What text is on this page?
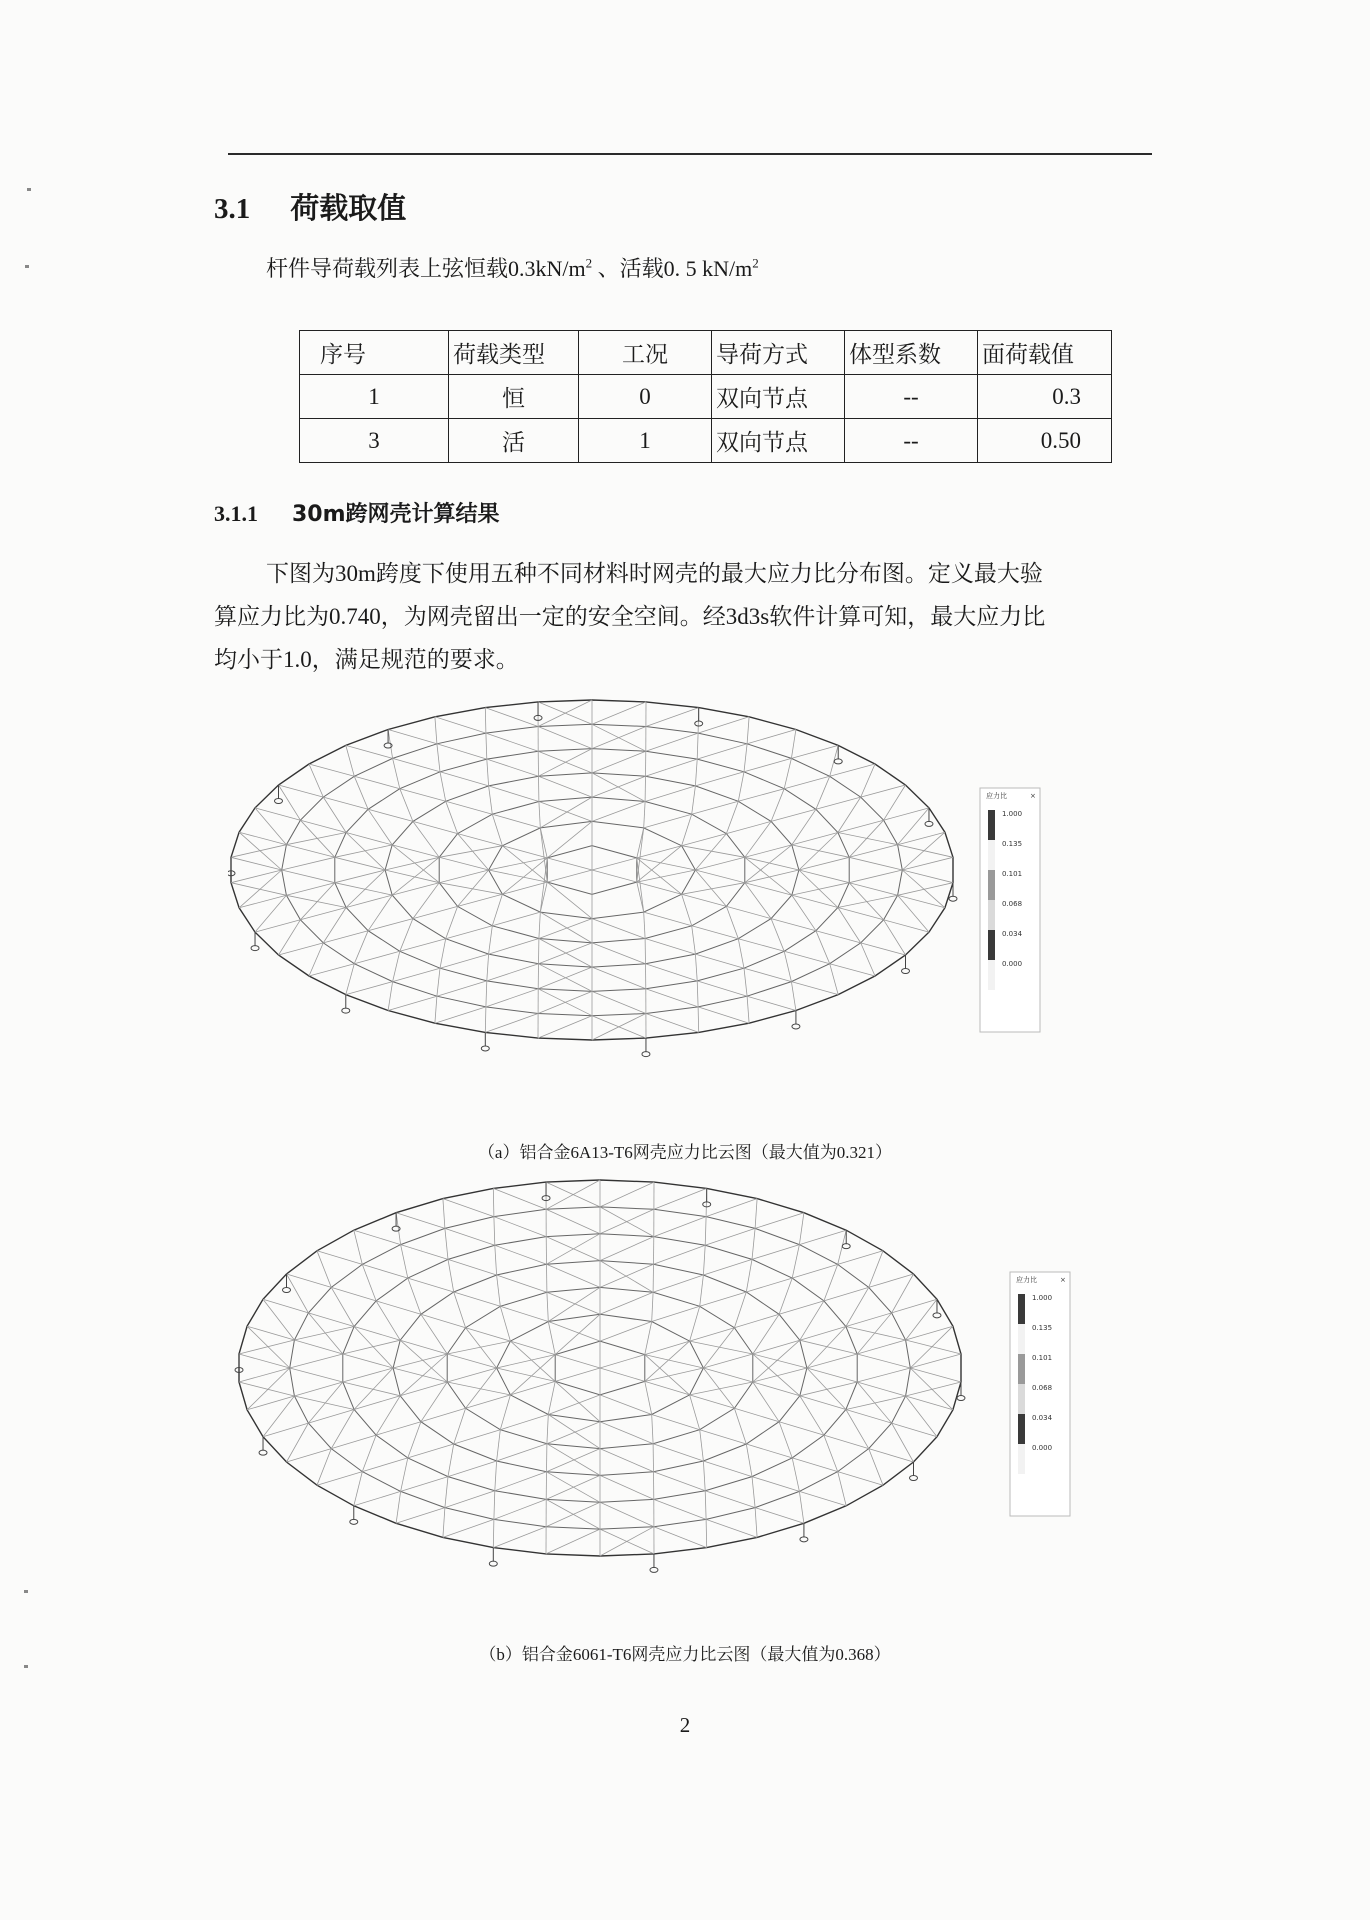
3.1 荷载取值
杆件导荷载列表上弦恒载$0.3kN/m^2$ 、活载0. 5 $kN/m^2$
序号	荷载类型	工况	导荷方式	体型系数	面荷载值
1	恒	0	双向节点	--	0.3
3	活	1	双向节点	--	0.50
3.1.1 30m跨网壳计算结果

下图为30m跨度下使用五种不同材料时网壳的最大应力比分布图。定义最大验

算应力比为0.740，为网壳留出一定的安全空间。经3d3s软件计算可知，最大应力比

均小于1.0，满足规范的要求。

应力比	×
1.000
0.135
0.101
0.068
0.034
0.000
（a）铝合金6A13-T6网壳应力比云图（最大值为0.321）
应力比	×
1.000
0.135
0.101
0.068
0.034
0.000
（b）铝合金6061-T6网壳应力比云图（最大值为0.368）
2
